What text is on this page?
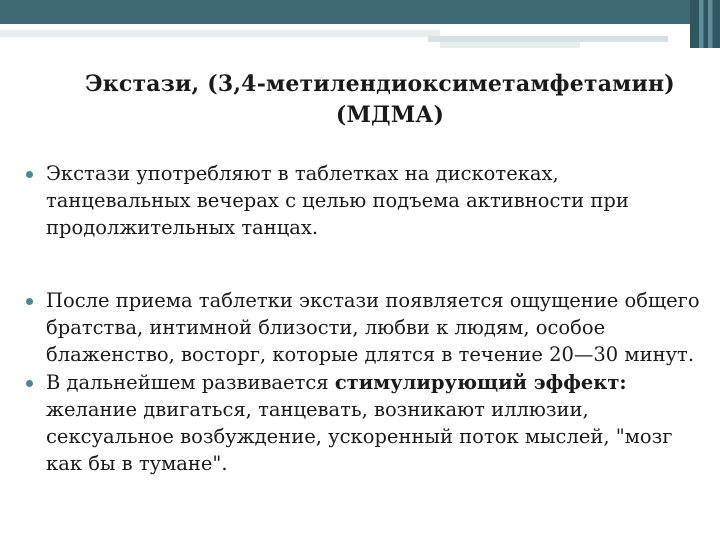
Экстази, (3,4-метилендиоксиметамфетамин)
(МДМА)
Экстази употребляют в таблетках на дискотеках, танцевальных вечерах с целью подъема активности при продолжительных танцах.
После приема таблетки экстази появляется ощущение общего братства, интимной близости, любви к людям, особое блаженство, восторг, которые длятся в течение 20—30 минут.
В дальнейшем развивается стимулирующий эффект: желание двигаться, танцевать, возникают иллюзии, сексуальное возбуждение, ускоренный поток мыслей, "мозг как бы в тумане".
